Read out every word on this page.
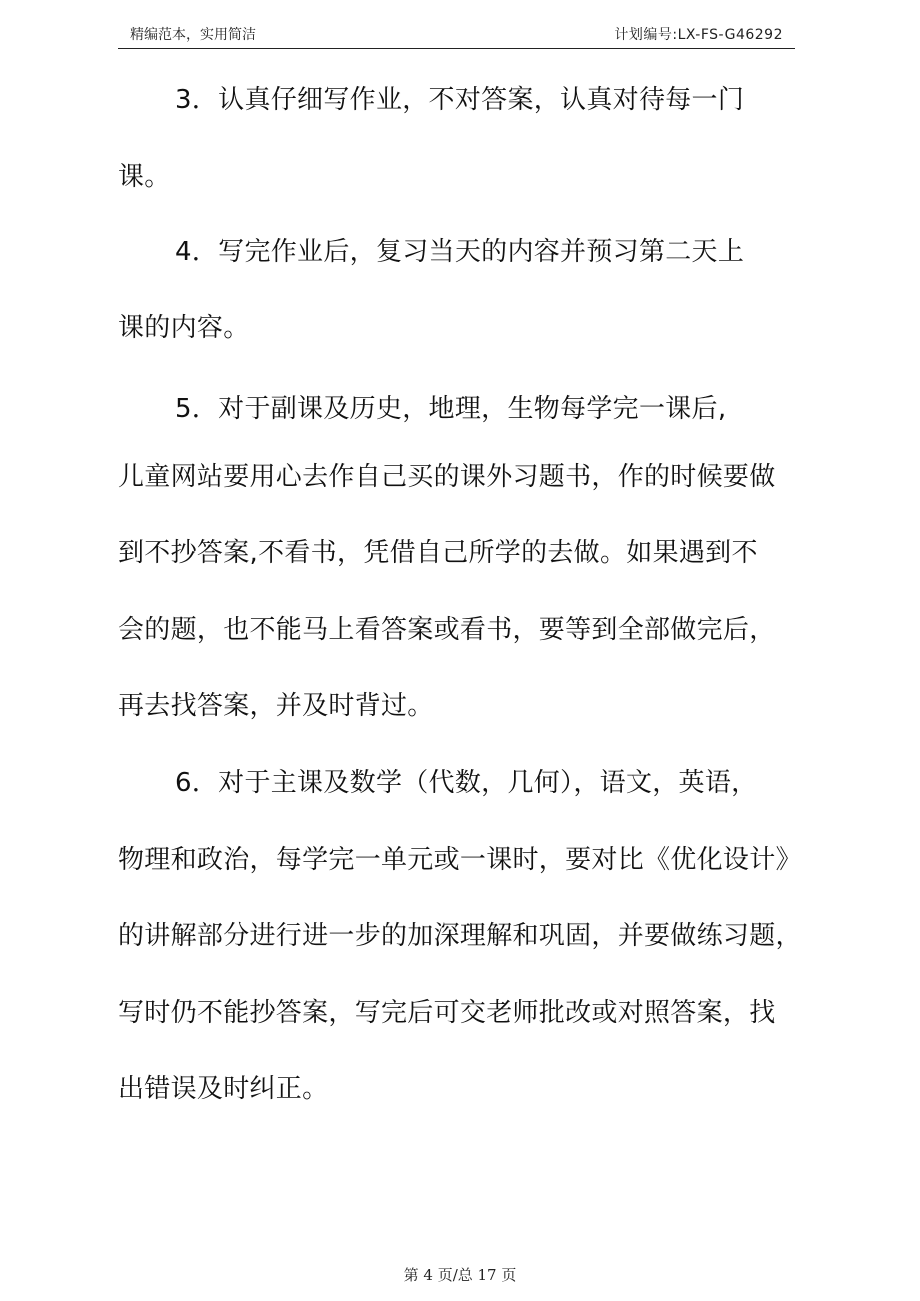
精编范本，实用简洁	计划编号:LX-FS-G46292
3．认真仔细写作业，不对答案，认真对待每一门
课。
4．写完作业后，复习当天的内容并预习第二天上
课的内容。
5．对于副课及历史，地理，生物每学完一课后,
儿童网站要用心去作自己买的课外习题书，作的时候要做
到不抄答案,不看书，凭借自己所学的去做。如果遇到不
会的题，也不能马上看答案或看书，要等到全部做完后，
再去找答案，并及时背过。
6．对于主课及数学（代数，几何），语文，英语，
物理和政治，每学完一单元或一课时，要对比《优化设计》
的讲解部分进行进一步的加深理解和巩固，并要做练习题，
写时仍不能抄答案，写完后可交老师批改或对照答案，找
出错误及时纠正。
第 4 页/总 17 页
